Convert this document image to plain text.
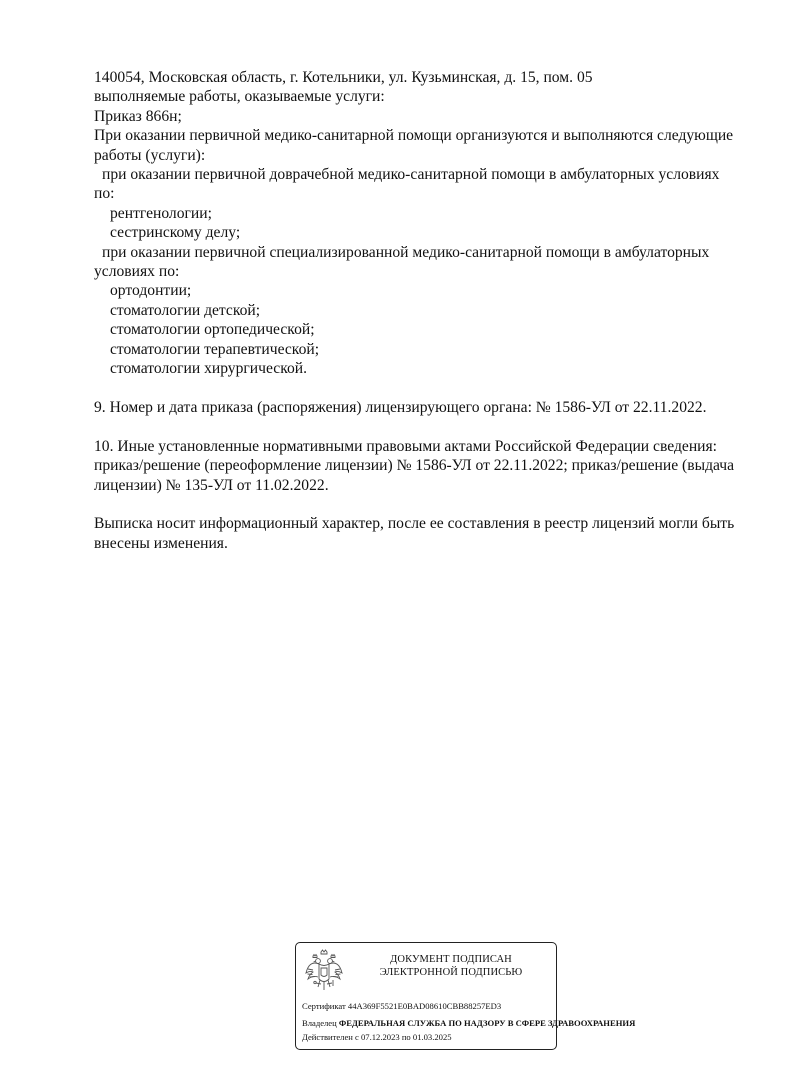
140054, Московская область, г. Котельники, ул. Кузьминская, д. 15, пом. 05
выполняемые работы, оказываемые услуги:
Приказ 866н;
При оказании первичной медико-санитарной помощи организуются и выполняются следующие
работы (услуги):
при оказании первичной доврачебной медико-санитарной помощи в амбулаторных условиях
по:
рентгенологии;
сестринскому делу;
при оказании первичной специализированной медико-санитарной помощи в амбулаторных
условиях по:
ортодонтии;
стоматологии детской;
стоматологии ортопедической;
стоматологии терапевтической;
стоматологии хирургической.
9. Номер и дата приказа (распоряжения) лицензирующего органа: № 1586-УЛ от 22.11.2022.
10. Иные установленные нормативными правовыми актами Российской Федерации сведения:
приказ/решение (переоформление лицензии) № 1586-УЛ от 22.11.2022; приказ/решение (выдача
лицензии) № 135-УЛ от 11.02.2022.
Выписка носит информационный характер, после ее составления в реестр лицензий могли быть
внесены изменения.
ДОКУМЕНТ ПОДПИСАН
ЭЛЕКТРОННОЙ ПОДПИСЬЮ
Сертификат 44A369F5521E0BAD08610CBB88257ED3
Владелец ФЕДЕРАЛЬНАЯ СЛУЖБА ПО НАДЗОРУ В СФЕРЕ ЗДРАВООХРАНЕНИЯ
Действителен с 07.12.2023 по 01.03.2025
